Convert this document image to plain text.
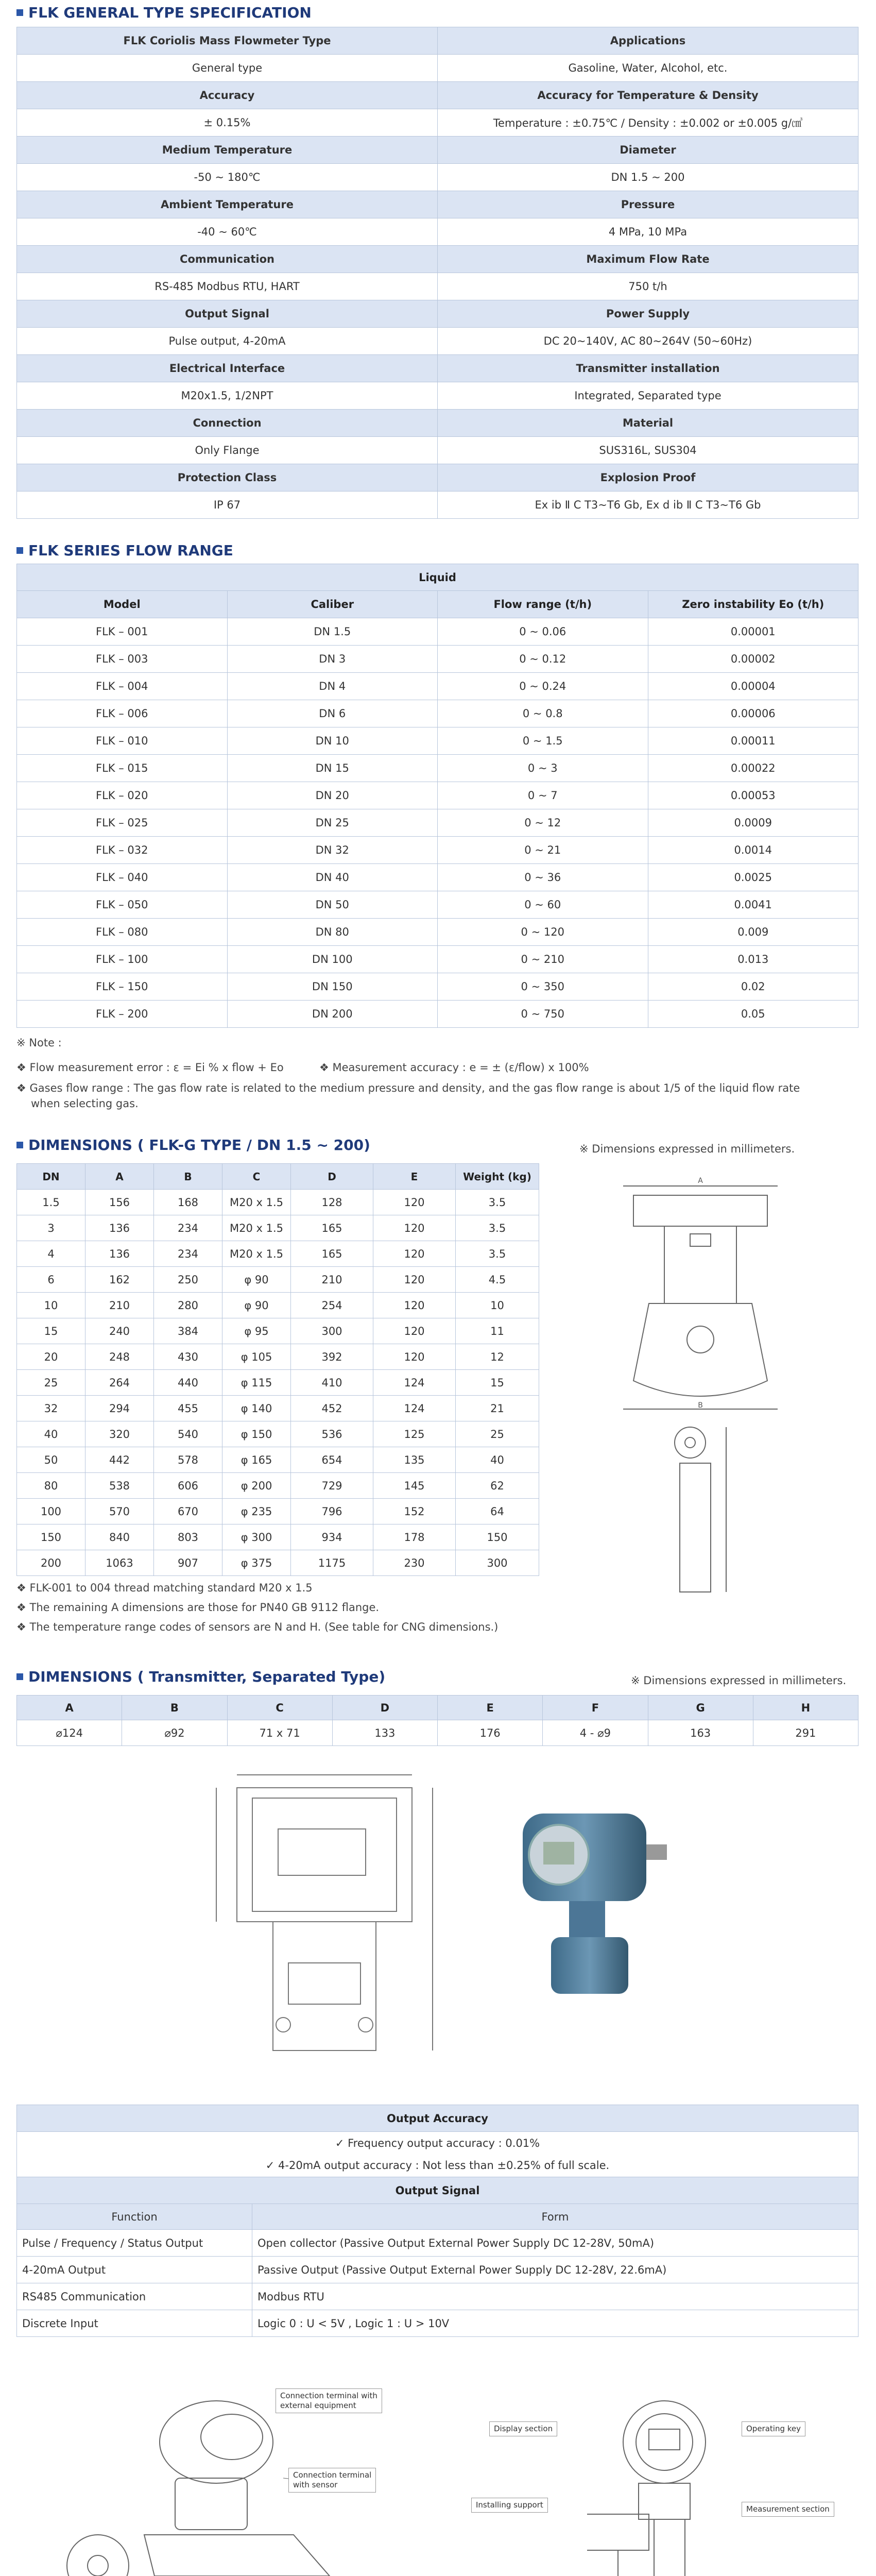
FLK GENERAL TYPE SPECIFICATION
FLK Coriolis Mass Flowmeter Type	Applications
General type	Gasoline, Water, Alcohol, etc.
Accuracy	Accuracy for Temperature & Density
± 0.15%	Temperature : ±0.75℃ / Density : ±0.002 or ±0.005 g/㎤
Medium Temperature	Diameter
-50 ~ 180℃	DN 1.5 ~ 200
Ambient Temperature	Pressure
-40 ~ 60℃	4 MPa, 10 MPa
Communication	Maximum Flow Rate
RS-485 Modbus RTU, HART	750 t/h
Output Signal	Power Supply
Pulse output, 4-20mA	DC 20~140V, AC 80~264V (50~60Hz)
Electrical Interface	Transmitter installation
M20x1.5, 1/2NPT	Integrated, Separated type
Connection	Material
Only Flange	SUS316L, SUS304
Protection Class	Explosion Proof
IP 67	Ex ib Ⅱ C T3~T6 Gb, Ex d ib Ⅱ C T3~T6 Gb
FLK SERIES FLOW RANGE
Liquid			
Model	Caliber	Flow range (t/h)	Zero instability Eo (t/h)
FLK – 001	DN 1.5	0 ~ 0.06	0.00001
FLK – 003	DN 3	0 ~ 0.12	0.00002
FLK – 004	DN 4	0 ~ 0.24	0.00004
FLK – 006	DN 6	0 ~ 0.8	0.00006
FLK – 010	DN 10	0 ~ 1.5	0.00011
FLK – 015	DN 15	0 ~ 3	0.00022
FLK – 020	DN 20	0 ~ 7	0.00053
FLK – 025	DN 25	0 ~ 12	0.0009
FLK – 032	DN 32	0 ~ 21	0.0014
FLK – 040	DN 40	0 ~ 36	0.0025
FLK – 050	DN 50	0 ~ 60	0.0041
FLK – 080	DN 80	0 ~ 120	0.009
FLK – 100	DN 100	0 ~ 210	0.013
FLK – 150	DN 150	0 ~ 350	0.02
FLK – 200	DN 200	0 ~ 750	0.05
※ Note :
❖ Flow measurement error : ε = Ei % x flow + Eo	❖ Measurement accuracy : e = ± (ε/flow) x 100%
❖ Gases flow range : The gas flow rate is related to the medium pressure and density, and the gas flow range is about 1/5 of the liquid flow rate
when selecting gas.
DIMENSIONS ( FLK-G TYPE / DN 1.5 ~ 200)	※ Dimensions expressed in millimeters.
DN	A	B	C	D	E	Weight (kg)
1.5	156	168	M20 x 1.5	128	120	3.5
3	136	234	M20 x 1.5	165	120	3.5
4	136	234	M20 x 1.5	165	120	3.5
6	162	250	φ 90	210	120	4.5
10	210	280	φ 90	254	120	10
15	240	384	φ 95	300	120	11
20	248	430	φ 105	392	120	12
25	264	440	φ 115	410	124	15
32	294	455	φ 140	452	124	21
40	320	540	φ 150	536	125	25
50	442	578	φ 165	654	135	40
80	538	606	φ 200	729	145	62
100	570	670	φ 235	796	152	64
150	840	803	φ 300	934	178	150
200	1063	907	φ 375	1175	230	300
A
B
❖ FLK-001 to 004 thread matching standard M20 x 1.5
❖ The remaining A dimensions are those for PN40 GB 9112 flange.
❖ The temperature range codes of sensors are N and H. (See table for CNG dimensions.)
DIMENSIONS ( Transmitter, Separated Type)	※ Dimensions expressed in millimeters.
A	B	C	D	E	F	G	H
⌀124	⌀92	71 x 71	133	176	4 - ⌀9	163	291
Output Accuracy	
✓ Frequency output accuracy : 0.01%	
✓ 4-20mA output accuracy : Not less than ±0.25% of full scale.	
Output Signal	
Function	Form
Pulse / Frequency / Status Output	Open collector (Passive Output External Power Supply DC 12-28V, 50mA)
4-20mA Output	Passive Output (Passive Output External Power Supply DC 12-28V, 22.6mA)
RS485 Communication	Modbus RTU
Discrete Input	Logic 0 : U < 5V , Logic 1 : U > 10V
Connection terminal with
external equipment
Connection terminal
with sensor

Display section	Operating key
Installing support	Measurement section
